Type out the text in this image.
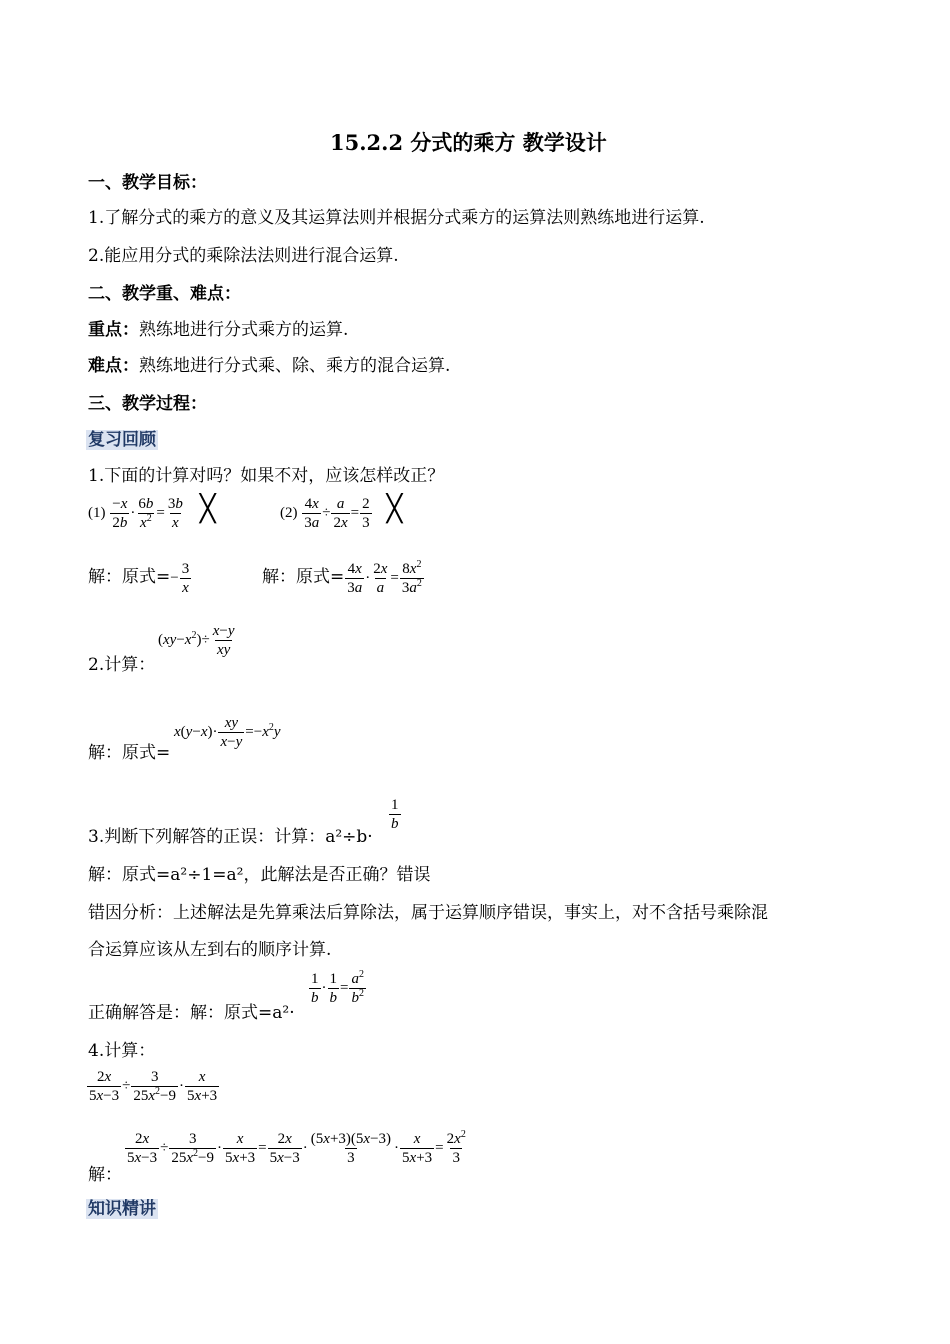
15.2.2 分式的乘方 教学设计
一、教学目标：
1.了解分式的乘方的意义及其运算法则并根据分式乘方的运算法则熟练地进行运算.
2.能应用分式的乘除法法则进行混合运算.
二、教学重、难点：
重点：熟练地进行分式乘方的运算.
难点：熟练地进行分式乘、除、乘方的混合运算.
三、教学过程：
复习回顾
1.下面的计算对吗？如果不对，应该怎样改正？
$(1) \frac{-x}{2b} \cdot \frac{6b}{x^2} = \frac{3b}{x}$ ╳	$(2) \frac{4x}{3a} \div \frac{a}{2x} = \frac{2}{3}$ ╳
解：原式=− $\frac{3}{x}$	解：原式= $\frac{4x}{3a} \cdot \frac{2x}{a} = \frac{8x^2}{3a^2}$
2.计算：
$(xy-x^2)\div \frac{x-y}{xy}$
解：原式=
$x(y-x)\cdot \frac{xy}{x-y} =-x^2y$
3.判断下列解答的正误：计算：a²÷b·
$\frac{1}{b}$
解：原式=a²÷1=a²，此解法是否正确？错误
错因分析：上述解法是先算乘法后算除法，属于运算顺序错误，事实上，对不含括号乘除混
合运算应该从左到右的顺序计算.
正确解答是：解：原式=a²·
$\frac{1}{b} \cdot \frac{1}{b} = \frac{a^2}{b^2}$
4.计算：
$\frac{2x}{5x-3} \div \frac{3}{25x^2-9} \cdot \frac{x}{5x+3}$
解：
$\frac{2x}{5x-3} \div \frac{3}{25x^2-9} \cdot \frac{x}{5x+3} = \frac{2x}{5x-3} \cdot \frac{(5x+3)(5x-3)}{3} \cdot \frac{x}{5x+3} = \frac{2x^2}{3}$
知识精讲
